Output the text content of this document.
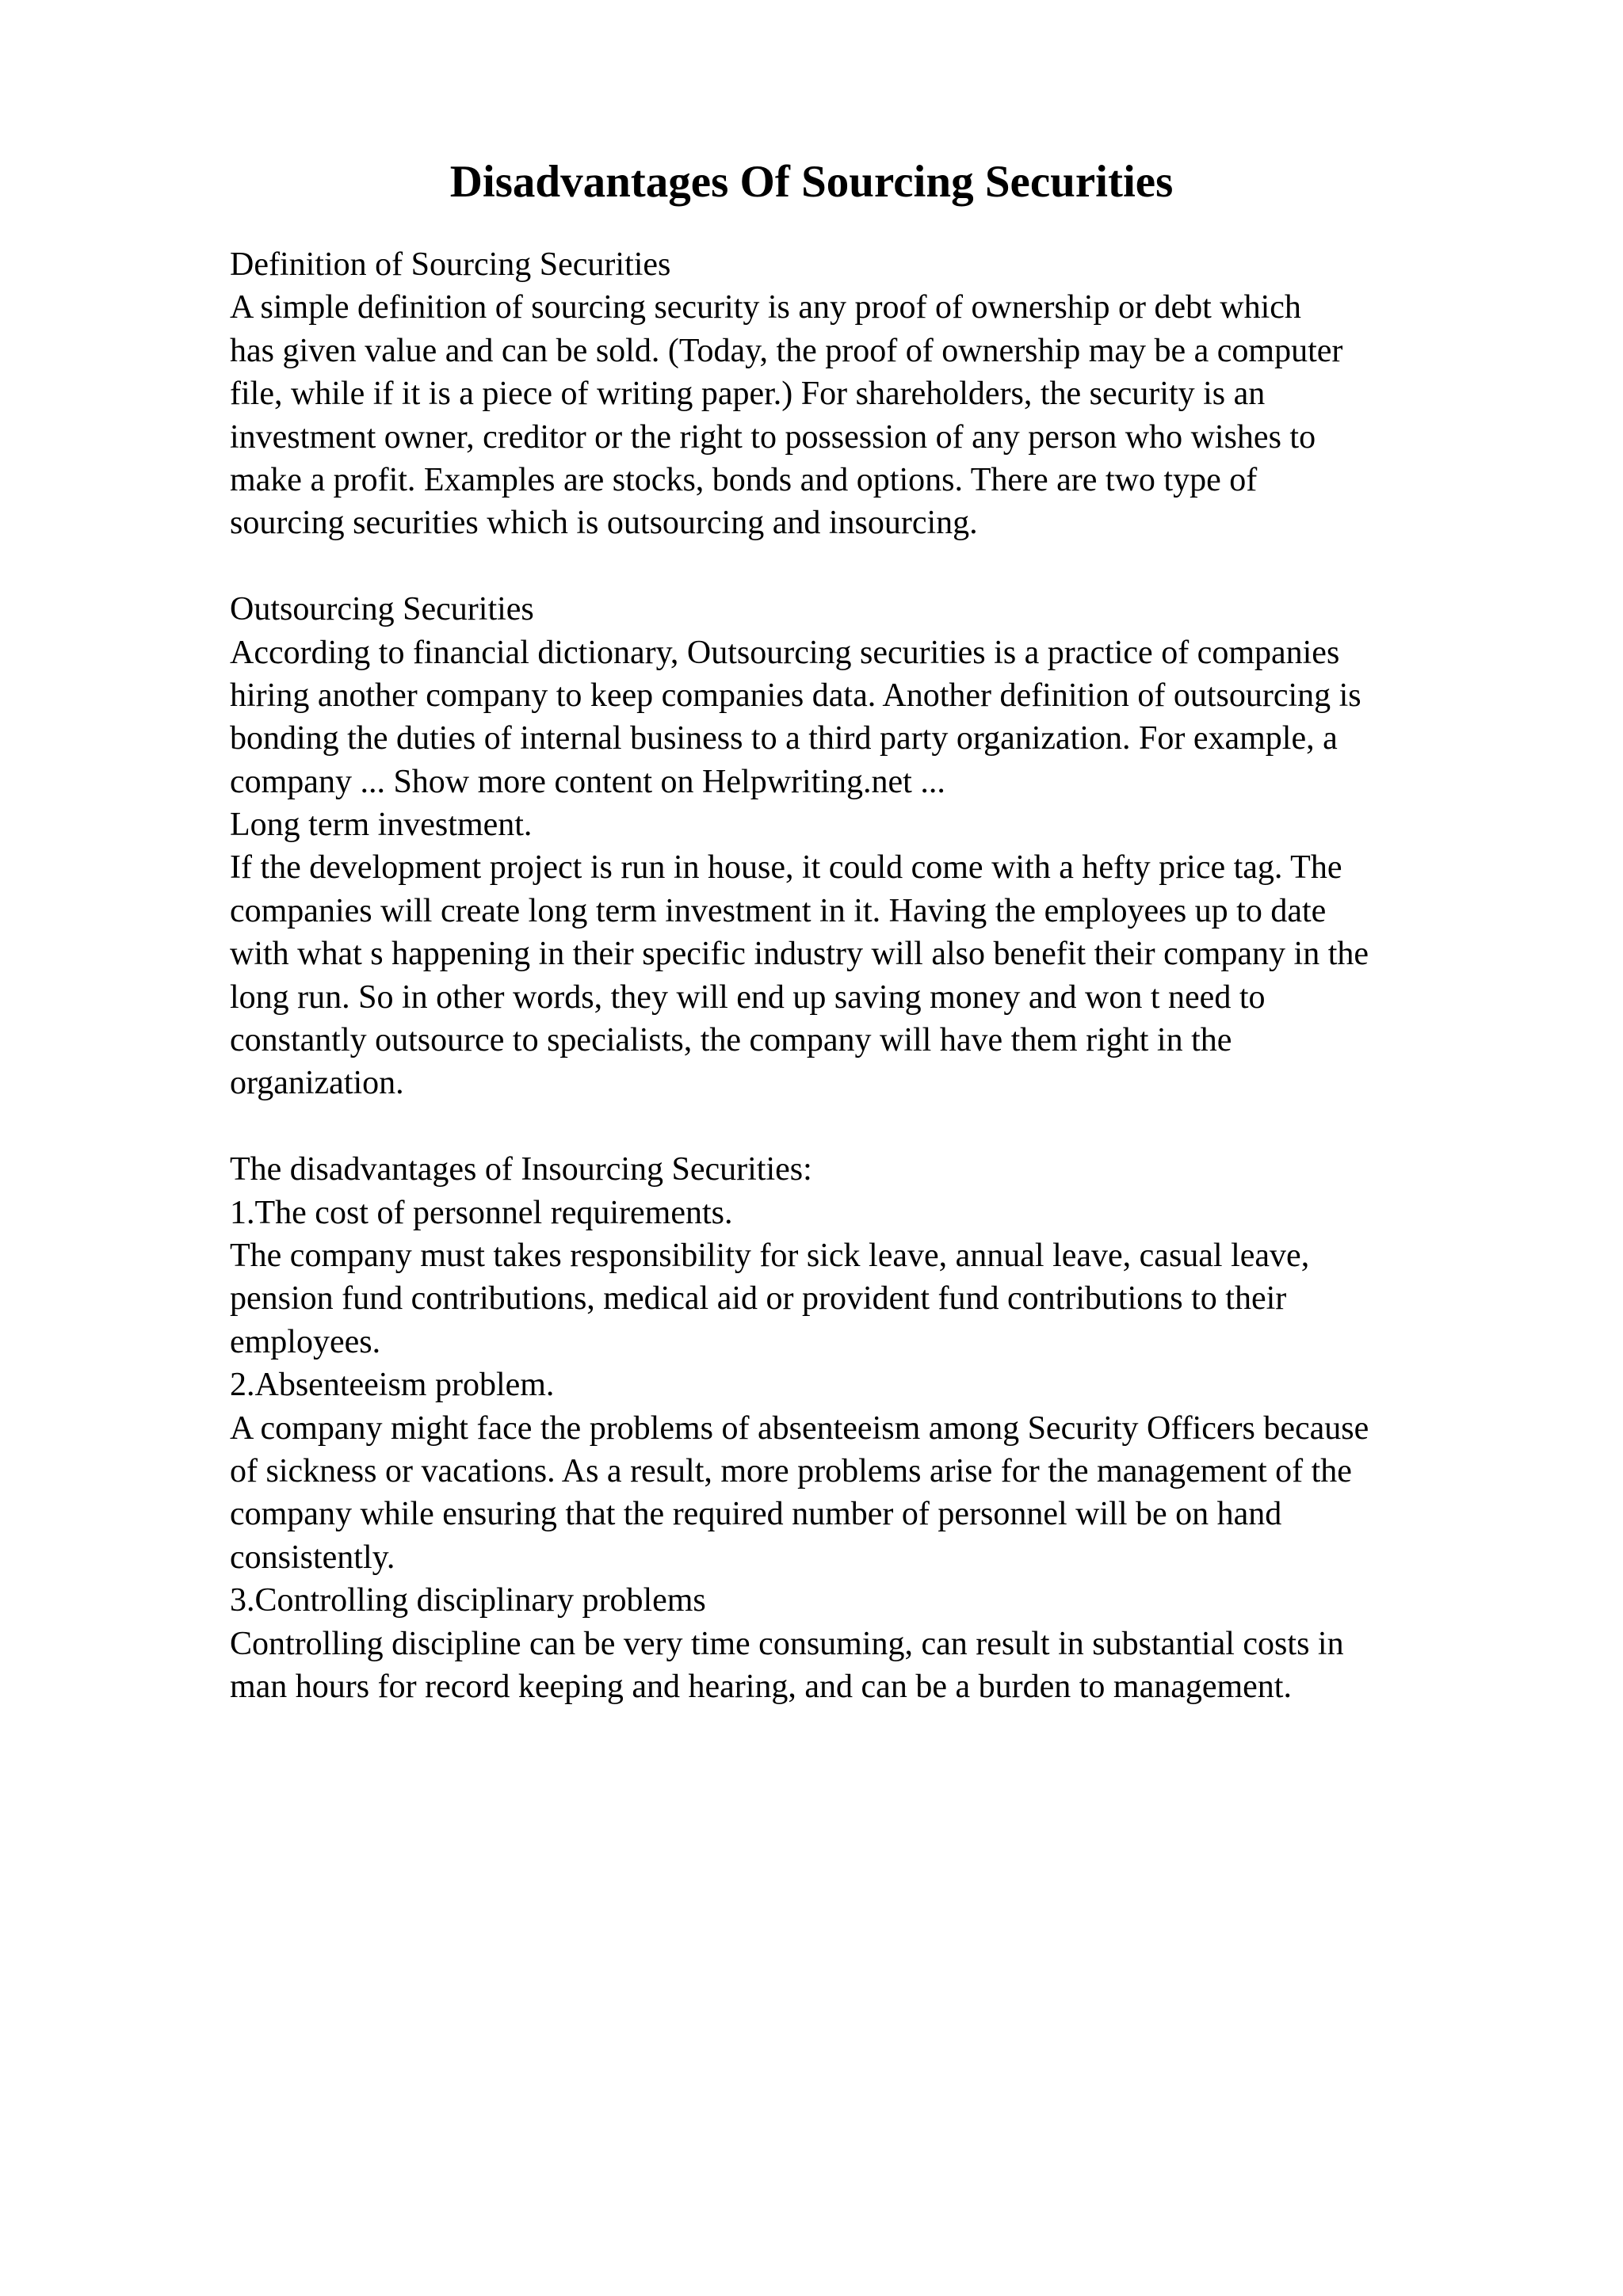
Disadvantages Of Sourcing Securities
Definition of Sourcing Securities
A simple definition of sourcing security is any proof of ownership or debt which
has given value and can be sold. (Today, the proof of ownership may be a computer
file, while if it is a piece of writing paper.) For shareholders, the security is an
investment owner, creditor or the right to possession of any person who wishes to
make a profit. Examples are stocks, bonds and options. There are two type of
sourcing securities which is outsourcing and insourcing.
Outsourcing Securities
According to financial dictionary, Outsourcing securities is a practice of companies
hiring another company to keep companies data. Another definition of outsourcing is
bonding the duties of internal business to a third party organization. For example, a
company ... Show more content on Helpwriting.net ...
Long term investment.
If the development project is run in house, it could come with a hefty price tag. The
companies will create long term investment in it. Having the employees up to date
with what s happening in their specific industry will also benefit their company in the
long run. So in other words, they will end up saving money and won t need to
constantly outsource to specialists, the company will have them right in the
organization.
The disadvantages of Insourcing Securities:
1.The cost of personnel requirements.
The company must takes responsibility for sick leave, annual leave, casual leave,
pension fund contributions, medical aid or provident fund contributions to their
employees.
2.Absenteeism problem.
A company might face the problems of absenteeism among Security Officers because
of sickness or vacations. As a result, more problems arise for the management of the
company while ensuring that the required number of personnel will be on hand
consistently.
3.Controlling disciplinary problems
Controlling discipline can be very time consuming, can result in substantial costs in
man hours for record keeping and hearing, and can be a burden to management.
